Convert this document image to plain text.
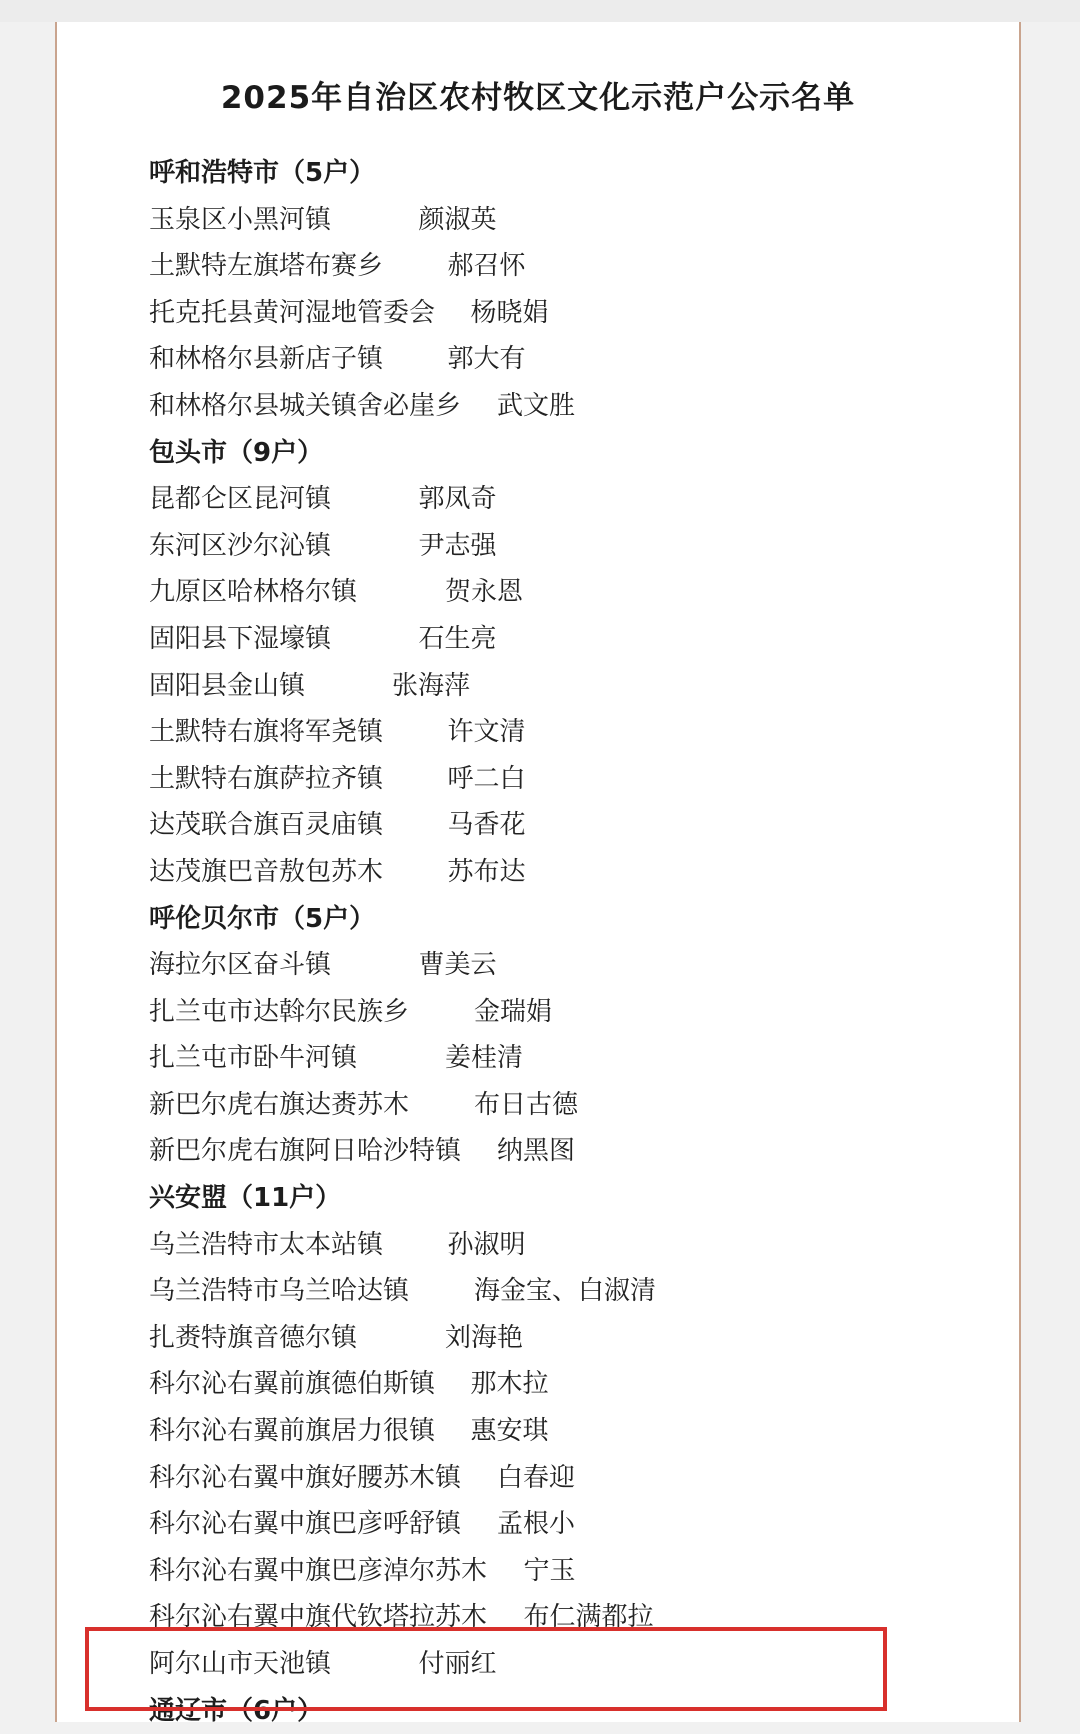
2025年自治区农村牧区文化示范户公示名单
呼和浩特市（5户）
玉泉区小黑河镇	颜淑英
土默特左旗塔布赛乡 郝召怀
托克托县黄河湿地管委会 杨晓娟
和林格尔县新店子镇 郭大有
和林格尔县城关镇舍必崖乡 武文胜
包头市（9户）
昆都仑区昆河镇	郭凤奇
东河区沙尔沁镇	尹志强
九原区哈林格尔镇	贺永恩
固阳县下湿壕镇	石生亮
固阳县金山镇	张海萍
土默特右旗将军尧镇 许文清
土默特右旗萨拉齐镇 呼二白
达茂联合旗百灵庙镇 马香花
达茂旗巴音敖包苏木 苏布达
呼伦贝尔市（5户）
海拉尔区奋斗镇	曹美云
扎兰屯市达斡尔民族乡 金瑞娟
扎兰屯市卧牛河镇	姜桂清
新巴尔虎右旗达赉苏木 布日古德
新巴尔虎右旗阿日哈沙特镇 纳黑图
兴安盟（11户）
乌兰浩特市太本站镇 孙淑明
乌兰浩特市乌兰哈达镇 海金宝、白淑清
扎赉特旗音德尔镇	刘海艳
科尔沁右翼前旗德伯斯镇 那木拉
科尔沁右翼前旗居力很镇 惠安琪
科尔沁右翼中旗好腰苏木镇 白春迎
科尔沁右翼中旗巴彦呼舒镇 孟根小
科尔沁右翼中旗巴彦淖尔苏木 宁玉
科尔沁右翼中旗代钦塔拉苏木 布仁满都拉
阿尔山市天池镇	付丽红
通辽市（6户）
